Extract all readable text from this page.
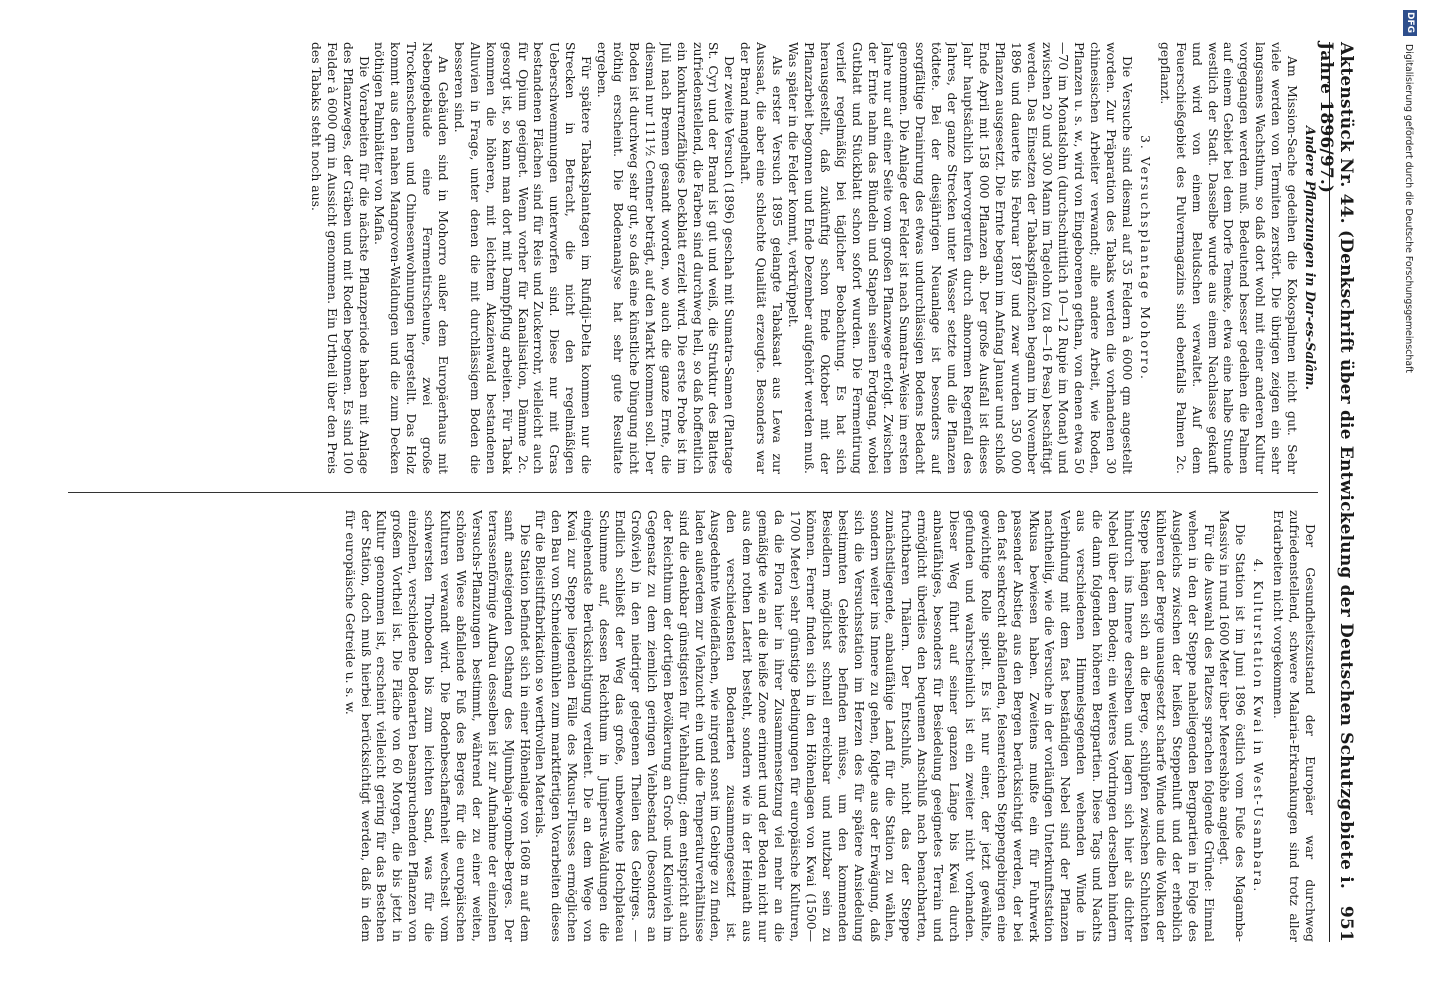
Aktenstück Nr. 44. (Denkschrift über die Entwickelung der Deutschen Schutzgebiete i. Jahre 1896/97.)
951
Andere Pflanzungen in Dar-es-Salâm.

Am Mission-Sache gedeihen die Kokospalmen nicht gut. Sehr viele werden von Termiten zerstört. Die übrigen zeigen ein sehr langsames Wachsthum, so daß dort wohl mit einer anderen Kultur vorgegangen werden muß. Bedeutend besser gedeihen die Palmen auf einem Gebiet bei dem Dorfe Temeke, etwa eine halbe Stunde westlich der Stadt. Dasselbe wurde aus einem Nachlasse gekauft und wird von einem Beludschen verwaltet. Auf dem Feuerschießgebiet des Pulvermagazins sind ebenfalls Palmen 2c. gepflanzt.

3. Versuchsplantage Mohorro.

Die Versuche sind diesmal auf 35 Feldern à 6000 qm angestellt worden. Zur Präparation des Tabaks werden die vorhandenen 30 chinesischen Arbeiter verwandt; alle andere Arbeit, wie Roden, Pflanzen u. s. w., wird von Eingeborenen gethan, von denen etwa 50—70 im Monatslohn (durchschnittlich 10—12 Rupie im Monat) und zwischen 20 und 300 Mann im Tagelohn (zu 8—16 Pesa) beschäftigt werden. Das Einsetzen der Tabakspflänzchen begann im November 1896 und dauerte bis Februar 1897 und zwar wurden 350 000 Pflanzen ausgesetzt. Die Ernte begann im Anfang Januar und schloß Ende April mit 158 000 Pflanzen ab. Der große Ausfall ist dieses Jahr hauptsächlich hervorgerufen durch abnormen Regenfall des Jahres, der ganze Strecken unter Wasser setzte und die Pflanzen tödtete. Bei der diesjährigen Neuanlage ist besonders auf sorgfältige Drainirung des etwas undurchlässigen Bodens Bedacht genommen. Die Anlage der Felder ist nach Sumatra-Weise im ersten Jahre nur auf einer Seite vom großen Pflanzwege erfolgt. Zwischen der Ernte nahm das Bündeln und Stapeln seinen Fortgang, wobei Gutblatt und Stückblatt schon sofort wurden. Die Fermentirung verlief regelmäßig bei täglicher Beobachtung. Es hat sich herausgestellt, daß zukünftig schon Ende Oktober mit der Pflanzarbeit begonnen und Ende Dezember aufgehört werden muß. Was später in die Felder kommt, verkrüppelt.

Als erster Versuch 1895 gelangte Tabaksaat aus Lewa zur Aussaat, die aber eine schlechte Qualität erzeugte. Besonders war der Brand mangelhaft.

Der zweite Versuch (1896) geschah mit Sumatra-Samen (Plantage St. Cyr) und der Brand ist gut und weiß, die Struktur des Blattes zufriedenstellend, die Farben sind durchweg hell, so daß hoffentlich ein konkurrenzfähiges Deckblatt erzielt wird. Die erste Probe ist im Juli nach Bremen gesandt worden, wo auch die ganze Ernte, die diesmal nur 111½ Centner beträgt, auf den Markt kommen soll. Der Boden ist durchweg sehr gut, so daß eine künstliche Düngung nicht nöthig erscheint. Die Bodenanalyse hat sehr gute Resultate ergeben.

Für spätere Tabaksplantagen im Rufidji-Delta kommen nur die Strecken in Betracht, die nicht den regelmäßigen Ueberschwemmungen unterworfen sind. Diese nur mit Gras bestandenen Flächen sind für Reis und Zuckerrohr, vielleicht auch für Opium geeignet. Wenn vorher für Kanalisation, Dämme 2c. gesorgt ist, so kann man dort mit Dampfpflug arbeiten. Für Tabak kommen die höheren, mit leichtem Akazienwald bestandenen Alluvien in Frage, unter denen die mit durchlässigem Boden die besseren sind.

An Gebäuden sind in Mohorro außer dem Europäerhaus mit Nebengebäude eine Fermentirscheune, zwei große Trockenscheunen und Chinesenwohnungen hergestellt. Das Holz kommt aus den nahen Mangroven-Waldungen und die zum Decken nöthigen Palmblätter von Mafia.

Die Vorarbeiten für die nächste Pflanzperiode haben mit Anlage des Pflanzweges, der Gräben und mit Roden begonnen. Es sind 100 Felder à 6000 qm in Aussicht genommen. Ein Urtheil über den Preis des Tabaks steht noch aus.

Der Gesundheitszustand der Europäer war durchweg zufriedenstellend, schwere Malaria-Erkrankungen sind trotz aller Erdarbeiten nicht vorgekommen.

4. Kulturstation Kwai in West-Usambara.

Die Station ist im Juni 1896 östlich vom Fuße des Magamba-Massivs in rund 1600 Meter über Meereshöhe angelegt.

Für die Auswahl des Platzes sprachen folgende Gründe: Einmal wehen in den der Steppe naheliegenden Bergpartien in Folge des Ausgleichs zwischen der heißen Steppenluft und der erheblich kühleren der Berge unausgesetzt scharfe Winde und die Wolken der Steppe hängen sich an die Berge, schlüpfen zwischen Schluchten hindurch ins Innere derselben und lagern sich hier als dichter Nebel über dem Boden; ein weiteres Vordringen derselben hindern die dann folgenden höheren Bergpartien. Diese Tags und Nachts aus verschiedenen Himmelsgegenden wehenden Winde in Verbindung mit dem fast beständigen Nebel sind der Pflanzen nachtheilig, wie die Versuche in der vorläufigen Unterkunftsstation Mkusa bewiesen haben. Zweitens mußte ein für Fuhrwerk passender Abstieg aus den Bergen berücksichtigt werden, der bei den fast senkrecht abfallenden, felsenreichen Steppengebirgen eine gewichtige Rolle spielt. Es ist nur einer, der jetzt gewählte, gefunden und wahrscheinlich ist ein zweiter nicht vorhanden. Dieser Weg führt auf seiner ganzen Länge bis Kwai durch anbaufähiges, besonders für Besiedelung geeignetes Terrain und ermöglicht überdies den bequemen Anschluß nach benachbarten, fruchtbaren Thälern. Der Entschluß, nicht das der Steppe zunächstliegende, anbaufähige Land für die Station zu wählen, sondern weiter ins Innere zu gehen, folgte aus der Erwägung, daß sich die Versuchsstation im Herzen des für spätere Ansiedelung bestimmten Gebietes befinden müsse, um den kommenden Besiedlern möglichst schnell erreichbar und nutzbar sein zu können. Ferner finden sich in den Höhenlagen von Kwai (1500—1700 Meter) sehr günstige Bedingungen für europäische Kulturen, da die Flora hier in ihrer Zusammensetzung viel mehr an die gemäßigte wie an die heiße Zone erinnert und der Boden nicht nur aus dem rothen Laterit besteht, sondern wie in der Heimath aus den verschiedensten Bodenarten zusammengesetzt ist. Ausgedehnte Weideflächen, wie nirgend sonst im Gebirge zu finden, laden außerdem zur Viehzucht ein und die Temperaturverhältnisse sind die denkbar günstigsten für Viehhaltung; dem entspricht auch der Reichthum der dortigen Bevölkerung an Groß- und Kleinvieh im Gegensatz zu dem ziemlich geringen Viehbestand (besonders an Großvieh) in den niedriger gelegenen Theilen des Gebirges. — Endlich schließt der Weg das große, unbewohnte Hochplateau Schumme auf, dessen Reichthum in Juniperus-Waldungen die eingehendste Berücksichtigung verdient. Die an dem Wege von Kwai zur Steppe liegenden Fälle des Mkusu-Flusses ermöglichen den Bau von Schneidemühlen zum marktfertigen Vorarbeiten dieses für die Bleistiftfabrikation so werthvollen Materials.

Die Station befindet sich in einer Höhenlage von 1608 m auf dem sanft ansteigenden Osthang des Mjumbaja-ngombe-Berges. Der terrassenförmige Aufbau desselben ist zur Aufnahme der einzelnen Versuchs-Pflanzungen bestimmt, während der zu einer weiten, schönen Wiese abfallende Fuß des Berges für die europäischen Kulturen verwandt wird. Die Bodenbeschaffenheit wechselt vom schwersten Thonboden bis zum leichten Sand, was für die einzelnen, verschiedene Bodenarten beanspruchenden Pflanzen von großem Vortheil ist. Die Fläche von 60 Morgen, die bis jetzt in Kultur genommen ist, erscheint vielleicht gering für das Bestehen der Station, doch muß hierbei berücksichtigt werden, daß in dem für europäische Getreide u. s. w.

DFG
Digitalisierung gefördert durch die Deutsche Forschungsgemeinschaft
